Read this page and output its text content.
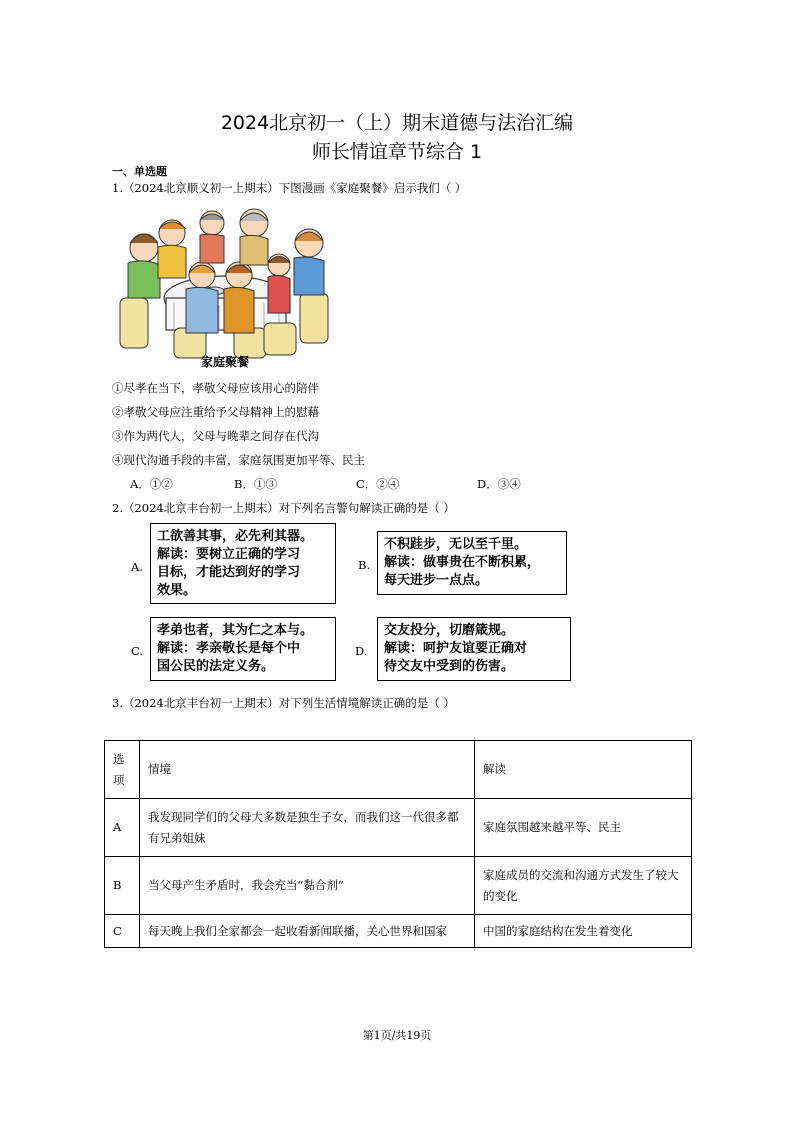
2024北京初一（上）期末道德与法治汇编
师长情谊章节综合 1
一、单选题
1.（2024北京顺义初一上期末）下图漫画《家庭聚餐》启示我们（ ）
家庭聚餐
①尽孝在当下，孝敬父母应该用心的陪伴
②孝敬父母应注重给予父母精神上的慰藉
③作为两代人，父母与晚辈之间存在代沟
④现代沟通手段的丰富，家庭氛围更加平等、民主
A．①②	B．①③	C．②④	D．③④
2.（2024北京丰台初一上期末）对下列名言警句解读正确的是（ ）
A.
工欲善其事，必先利其器。
解读：要树立正确的学习
目标，才能达到好的学习
效果。
B.
不积跬步，无以至千里。
解读：做事贵在不断积累，
每天进步一点点。
C.
孝弟也者，其为仁之本与。
解读：孝亲敬长是每个中
国公民的法定义务。
D.
交友投分，切磨箴规。
解读：呵护友谊要正确对
待交友中受到的伤害。
3.（2024北京丰台初一上期末）对下列生活情境解读正确的是（ ）
选项	情境	解读
A	我发现同学们的父母大多数是独生子女，而我们这一代很多都有兄弟姐妹	家庭氛围越来越平等、民主
B	当父母产生矛盾时，我会充当“黏合剂”	家庭成员的交流和沟通方式发生了较大的变化
C	每天晚上我们全家都会一起收看新闻联播，关心世界和国家	中国的家庭结构在发生着变化
第1页/共19页
